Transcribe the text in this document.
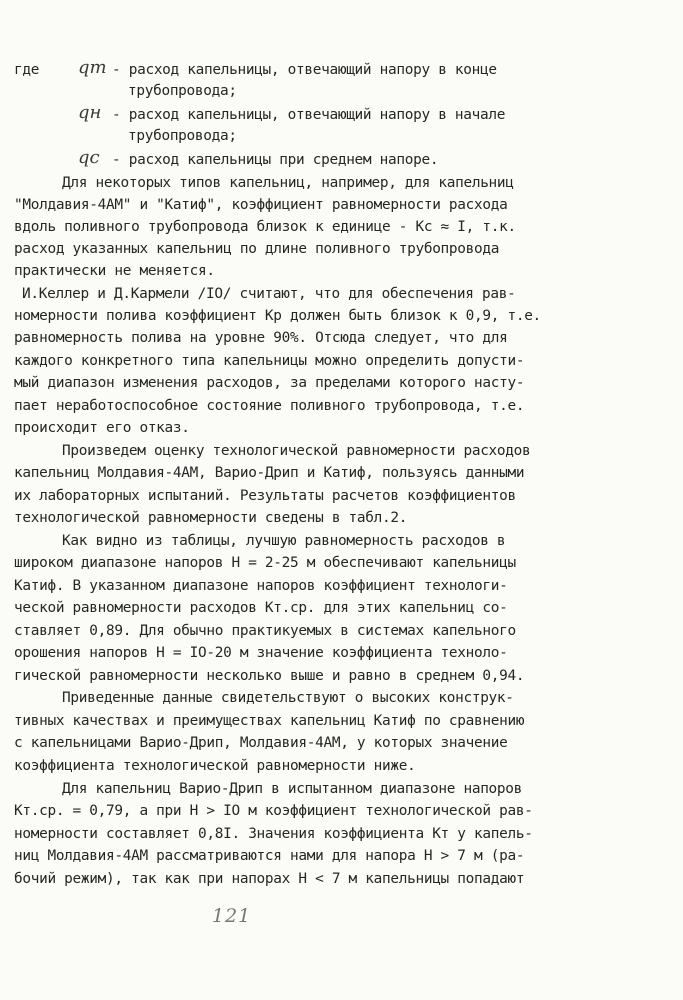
где qт - расход капельницы, отвечающий напору в конце
трубопровода;
qн - расход капельницы, отвечающий напору в начале
трубопровода;
qс - расход капельницы при среднем напоре.
Для некоторых типов капельниц, например, для капельниц
"Молдавия-4АМ" и "Катиф", коэффициент равномерности расхода
вдоль поливного трубопровода близок к единице - Кс ≈ I, т.к.
расход указанных капельниц по длине поливного трубопровода
практически не меняется.
И.Келлер и Д.Кармели /IO/ считают, что для обеспечения рав-
номерности полива коэффициент Кр должен быть близок к 0,9, т.е.
равномерность полива на уровне 90%. Отсюда следует, что для
каждого конкретного типа капельницы можно определить допусти-
мый диапазон изменения расходов, за пределами которого насту-
пает неработоспособное состояние поливного трубопровода, т.е.
происходит его отказ.
Произведем оценку технологической равномерности расходов
капельниц Молдавия-4АМ, Варио-Дрип и Катиф, пользуясь данными
их лабораторных испытаний. Результаты расчетов коэффициентов
технологической равномерности сведены в табл.2.
Как видно из таблицы, лучшую равномерность расходов в
широком диапазоне напоров Н = 2-25 м обеспечивают капельницы
Катиф. В указанном диапазоне напоров коэффициент технологи-
ческой равномерности расходов Кт.ср. для этих капельниц со-
ставляет 0,89. Для обычно практикуемых в системах капельного
орошения напоров Н = IO-20 м значение коэффициента техноло-
гической равномерности несколько выше и равно в среднем 0,94.
Приведенные данные свидетельствуют о высоких конструк-
тивных качествах и преимуществах капельниц Катиф по сравнению
с капельницами Варио-Дрип, Молдавия-4АМ, у которых значение
коэффициента технологической равномерности ниже.
Для капельниц Варио-Дрип в испытанном диапазоне напоров
Кт.ср. = 0,79, а при Н > IO м коэффициент технологической рав-
номерности составляет 0,8I. Значения коэффициента Кт у капель-
ниц Молдавия-4АМ рассматриваются нами для напора Н > 7 м (ра-
бочий режим), так как при напорах Н < 7 м капельницы попадают
121
